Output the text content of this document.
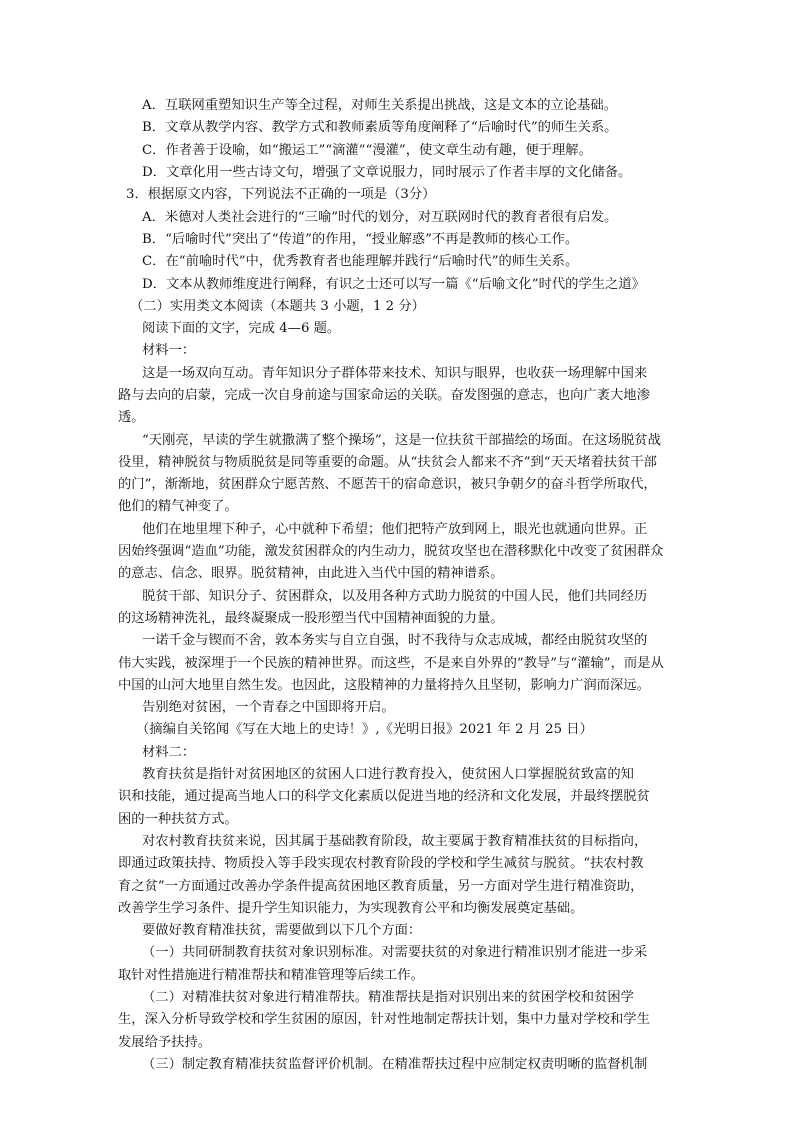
A．互联网重塑知识生产等全过程，对师生关系提出挑战，这是文本的立论基础。
B．文章从教学内容、教学方式和教师素质等角度阐释了“后喻时代”的师生关系。
C．作者善于设喻，如“搬运工”“滴灌”“漫灌”，使文章生动有趣，便于理解。
D．文章化用一些古诗文句，增强了文章说服力，同时展示了作者丰厚的文化储备。
3．根据原文内容，下列说法不正确的一项是（3分）
A．米德对人类社会进行的“三喻”时代的划分，对互联网时代的教育者很有启发。
B．“后喻时代”突出了“传道”的作用，“授业解惑”不再是教师的核心工作。
C．在“前喻时代”中，优秀教育者也能理解并践行“后喻时代”的师生关系。
D．文本从教师维度进行阐释，有识之士还可以写一篇《“后喻文化”时代的学生之道》
（二）实用类文本阅读（本题共 3 小题，1 2 分）
阅读下面的文字，完成 4—6 题。
材料一：
这是一场双向互动。青年知识分子群体带来技术、知识与眼界，也收获一场理解中国来
路与去向的启蒙，完成一次自身前途与国家命运的关联。奋发图强的意志，也向广袤大地渗
透。
“天刚亮，早读的学生就撒满了整个操场”，这是一位扶贫干部描绘的场面。在这场脱贫战
役里，精神脱贫与物质脱贫是同等重要的命题。从“扶贫会人都来不齐”到“天天堵着扶贫干部
的门”，渐渐地，贫困群众宁愿苦熬、不愿苦干的宿命意识，被只争朝夕的奋斗哲学所取代，
他们的精气神变了。
他们在地里埋下种子，心中就种下希望；他们把特产放到网上，眼光也就通向世界。正
因始终强调“造血”功能，激发贫困群众的内生动力，脱贫攻坚也在潜移默化中改变了贫困群众
的意志、信念、眼界。脱贫精神，由此进入当代中国的精神谱系。
脱贫干部、知识分子、贫困群众，以及用各种方式助力脱贫的中国人民，他们共同经历
的这场精神洗礼，最终凝聚成一股形塑当代中国精神面貌的力量。
一诺千金与锲而不舍，敦本务实与自立自强，时不我待与众志成城，都经由脱贫攻坚的
伟大实践，被深埋于一个民族的精神世界。而这些，不是来自外界的“教导”与“灌输”，而是从
中国的山河大地里自然生发。也因此，这股精神的力量将持久且坚韧，影响力广润而深远。
告别绝对贫困，一个青春之中国即将开启。
（摘编自关铭闻《写在大地上的史诗！》,《光明日报》2021 年 2 月 25 日）
材料二：
教育扶贫是指针对贫困地区的贫困人口进行教育投入，使贫困人口掌握脱贫致富的知
识和技能，通过提高当地人口的科学文化素质以促进当地的经济和文化发展，并最终摆脱贫
困的一种扶贫方式。
对农村教育扶贫来说，因其属于基础教育阶段，故主要属于教育精准扶贫的目标指向，
即通过政策扶持、物质投入等手段实现农村教育阶段的学校和学生减贫与脱贫。“扶农村教
育之贫”一方面通过改善办学条件提高贫困地区教育质量，另一方面对学生进行精准资助，
改善学生学习条件、提升学生知识能力，为实现教育公平和均衡发展奠定基础。
要做好教育精准扶贫，需要做到以下几个方面：
（一）共同研制教育扶贫对象识别标准。对需要扶贫的对象进行精准识别才能进一步采
取针对性措施进行精准帮扶和精准管理等后续工作。
（二）对精准扶贫对象进行精准帮扶。精准帮扶是指对识别出来的贫困学校和贫困学
生，深入分析导致学校和学生贫困的原因，针对性地制定帮扶计划，集中力量对学校和学生
发展给予扶持。
（三）制定教育精准扶贫监督评价机制。在精准帮扶过程中应制定权责明晰的监督机制
